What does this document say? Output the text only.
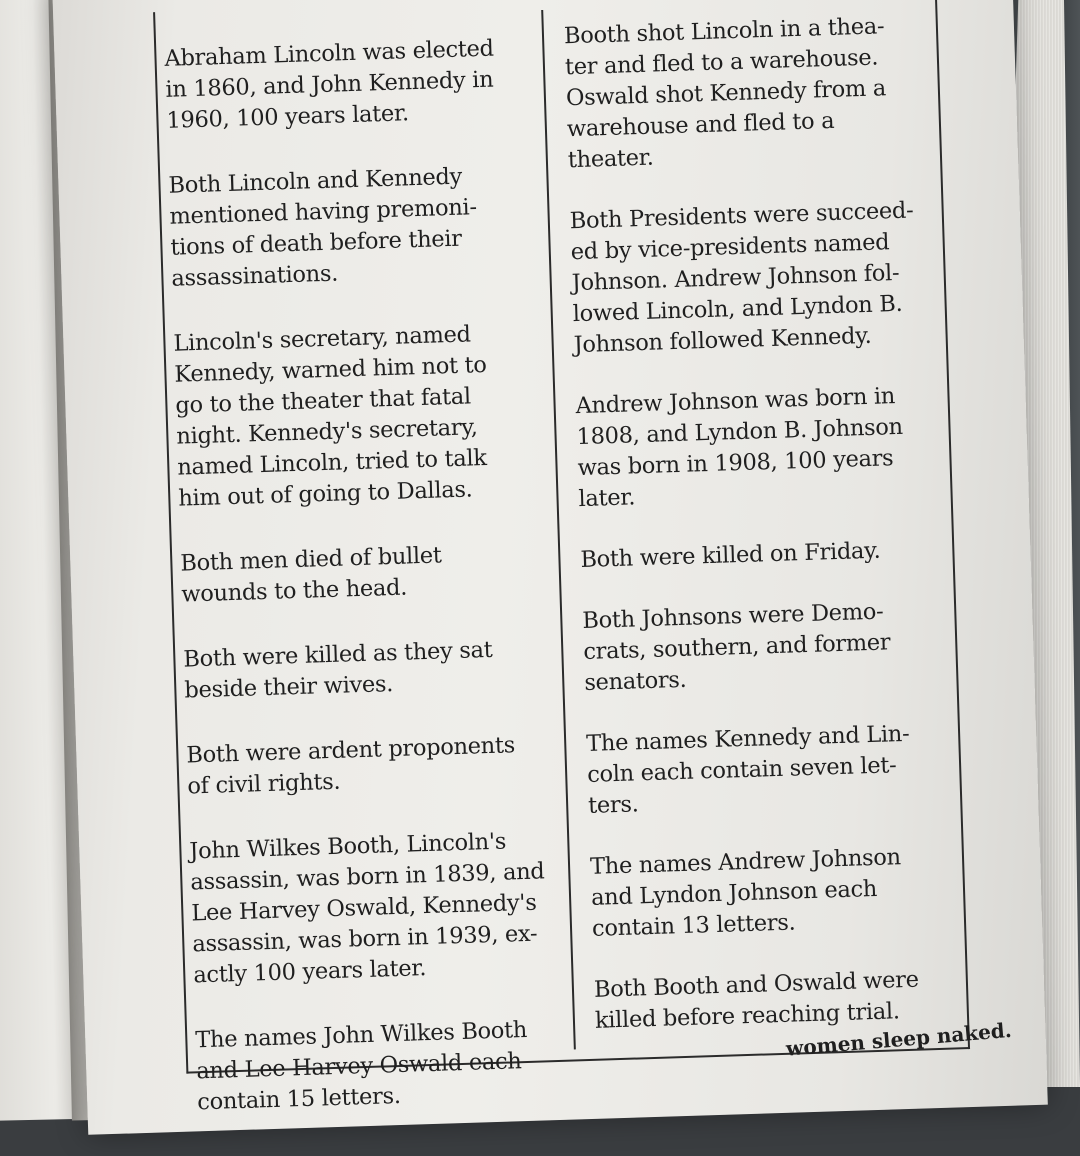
Abraham Lincoln was elected
in 1860, and John Kennedy in
1960, 100 years later.

Both Lincoln and Kennedy
mentioned having premoni-
tions of death before their
assassinations.

Lincoln's secretary, named
Kennedy, warned him not to
go to the theater that fatal
night. Kennedy's secretary,
named Lincoln, tried to talk
him out of going to Dallas.

Both men died of bullet
wounds to the head.

Both were killed as they sat
beside their wives.

Both were ardent proponents
of civil rights.

John Wilkes Booth, Lincoln's
assassin, was born in 1839, and
Lee Harvey Oswald, Kennedy's
assassin, was born in 1939, ex-
actly 100 years later.

The names John Wilkes Booth
and Lee Harvey Oswald each
contain 15 letters.

Booth shot Lincoln in a thea-
ter and fled to a warehouse.
Oswald shot Kennedy from a
warehouse and fled to a
theater.

Both Presidents were succeed-
ed by vice-presidents named
Johnson. Andrew Johnson fol-
lowed Lincoln, and Lyndon B.
Johnson followed Kennedy.

Andrew Johnson was born in
1808, and Lyndon B. Johnson
was born in 1908, 100 years
later.

Both were killed on Friday.

Both Johnsons were Demo-
crats, southern, and former
senators.

The names Kennedy and Lin-
coln each contain seven let-
ters.

The names Andrew Johnson
and Lyndon Johnson each
contain 13 letters.

Both Booth and Oswald were
killed before reaching trial.

women sleep naked.
